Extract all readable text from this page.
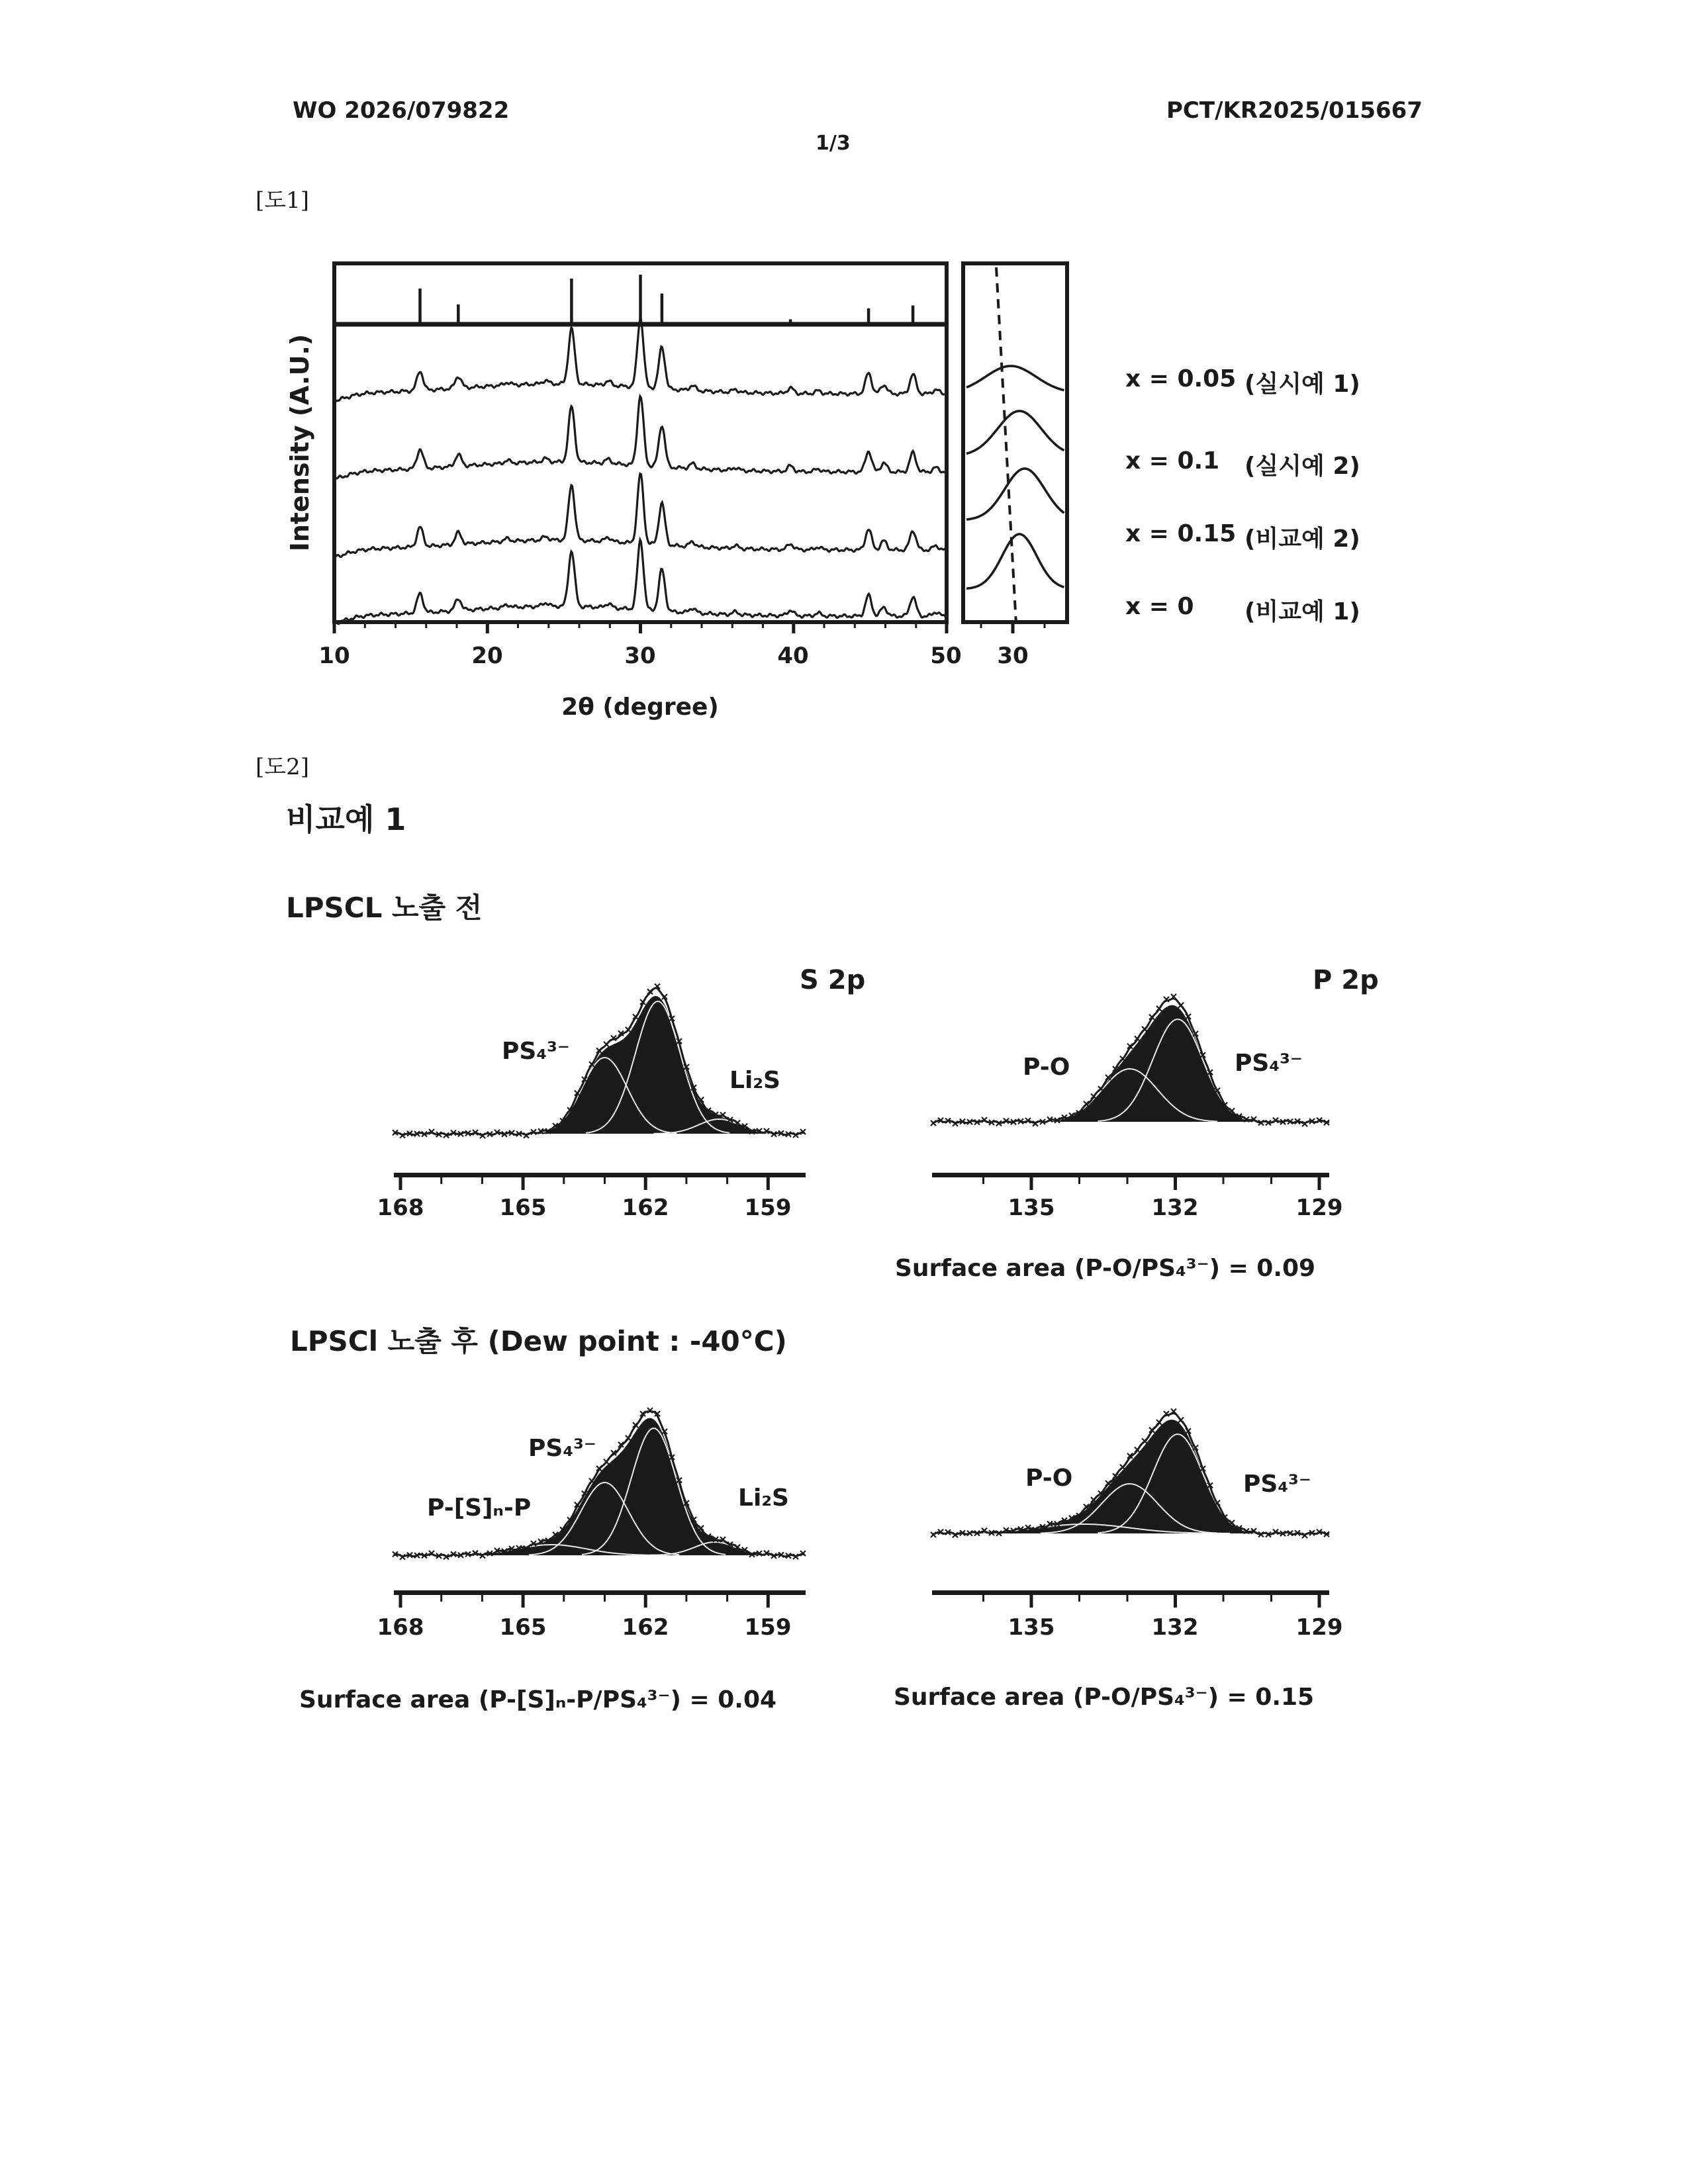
WO 2026/079822	PCT/KR2025/015667
1/3
[도1]
Intensity (A.U.)
10	20	30	40	50	30
2θ (degree)
x = 0.05 (실시예 1)
x = 0.1	(실시예 2)
x = 0.15 (비교예 2)
x = 0	(비교예 1)
[도2]
비교예 1
LPSCL 노출 전
S 2p	P 2p
PS₄³⁻
Li₂S	P-O	PS₄³⁻
168	165	162	159	135	132	129
Surface area (P-O/PS₄³⁻) = 0.09
LPSCl 노출 후 (Dew point : -40°C)
PS₄³⁻
P-[S]ₙ-P	Li₂S
P-O	PS₄³⁻
168	165	162	159	135	132	129
Surface area (P-[S]ₙ-P/PS₄³⁻) = 0.04	Surface area (P-O/PS₄³⁻) = 0.15
